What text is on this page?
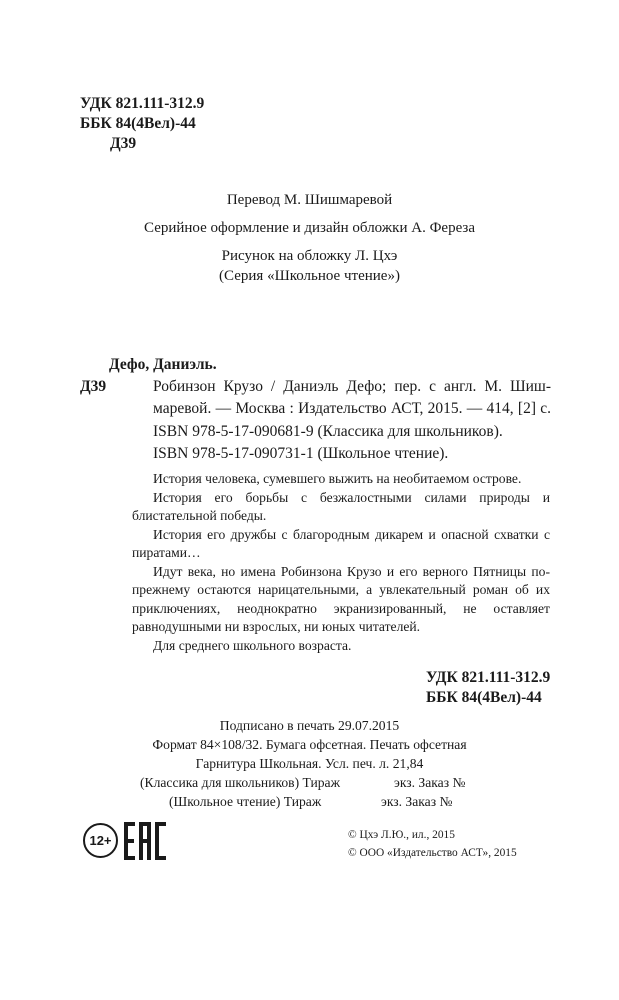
УДК 821.111-312.9
ББК 84(4Вел)-44
Д39
Перевод М. Шишмаревой
Серийное оформление и дизайн обложки А. Фереза
Рисунок на обложку Л. Цхэ
(Серия «Школьное чтение»)
Дефо, Даниэль.
Д39	Робинзон Крузо / Даниэль Дефо; пер. с англ. М. Шиш-
маревой. — Москва : Издательство АСТ, 2015. — 414, [2] с.
ISBN 978-5-17-090681-9 (Классика для школьников).
ISBN 978-5-17-090731-1 (Школьное чтение).
История человека, сумевшего выжить на необитаемом острове.
История его борьбы с безжалостными силами природы и блистательной победы.
История его дружбы с благородным дикарем и опасной схватки с пиратами…
Идут века, но имена Робинзона Крузо и его верного Пятницы по-прежнему остаются нарицательными, а увлекательный роман об их приключениях, неоднократно экранизированный, не оставляет равнодушными ни взрослых, ни юных читателей.
Для среднего школьного возраста.
УДК 821.111-312.9
ББК 84(4Вел)-44
Подписано в печать 29.07.2015
Формат 84×108/32. Бумага офсетная. Печать офсетная
Гарнитура Школьная. Усл. печ. л. 21,84
(Классика для школьников) Тираж	экз. Заказ №
(Школьное чтение) Тираж	экз. Заказ №
12+	© Цхэ Л.Ю., ил., 2015
© ООО «Издательство АСТ», 2015
